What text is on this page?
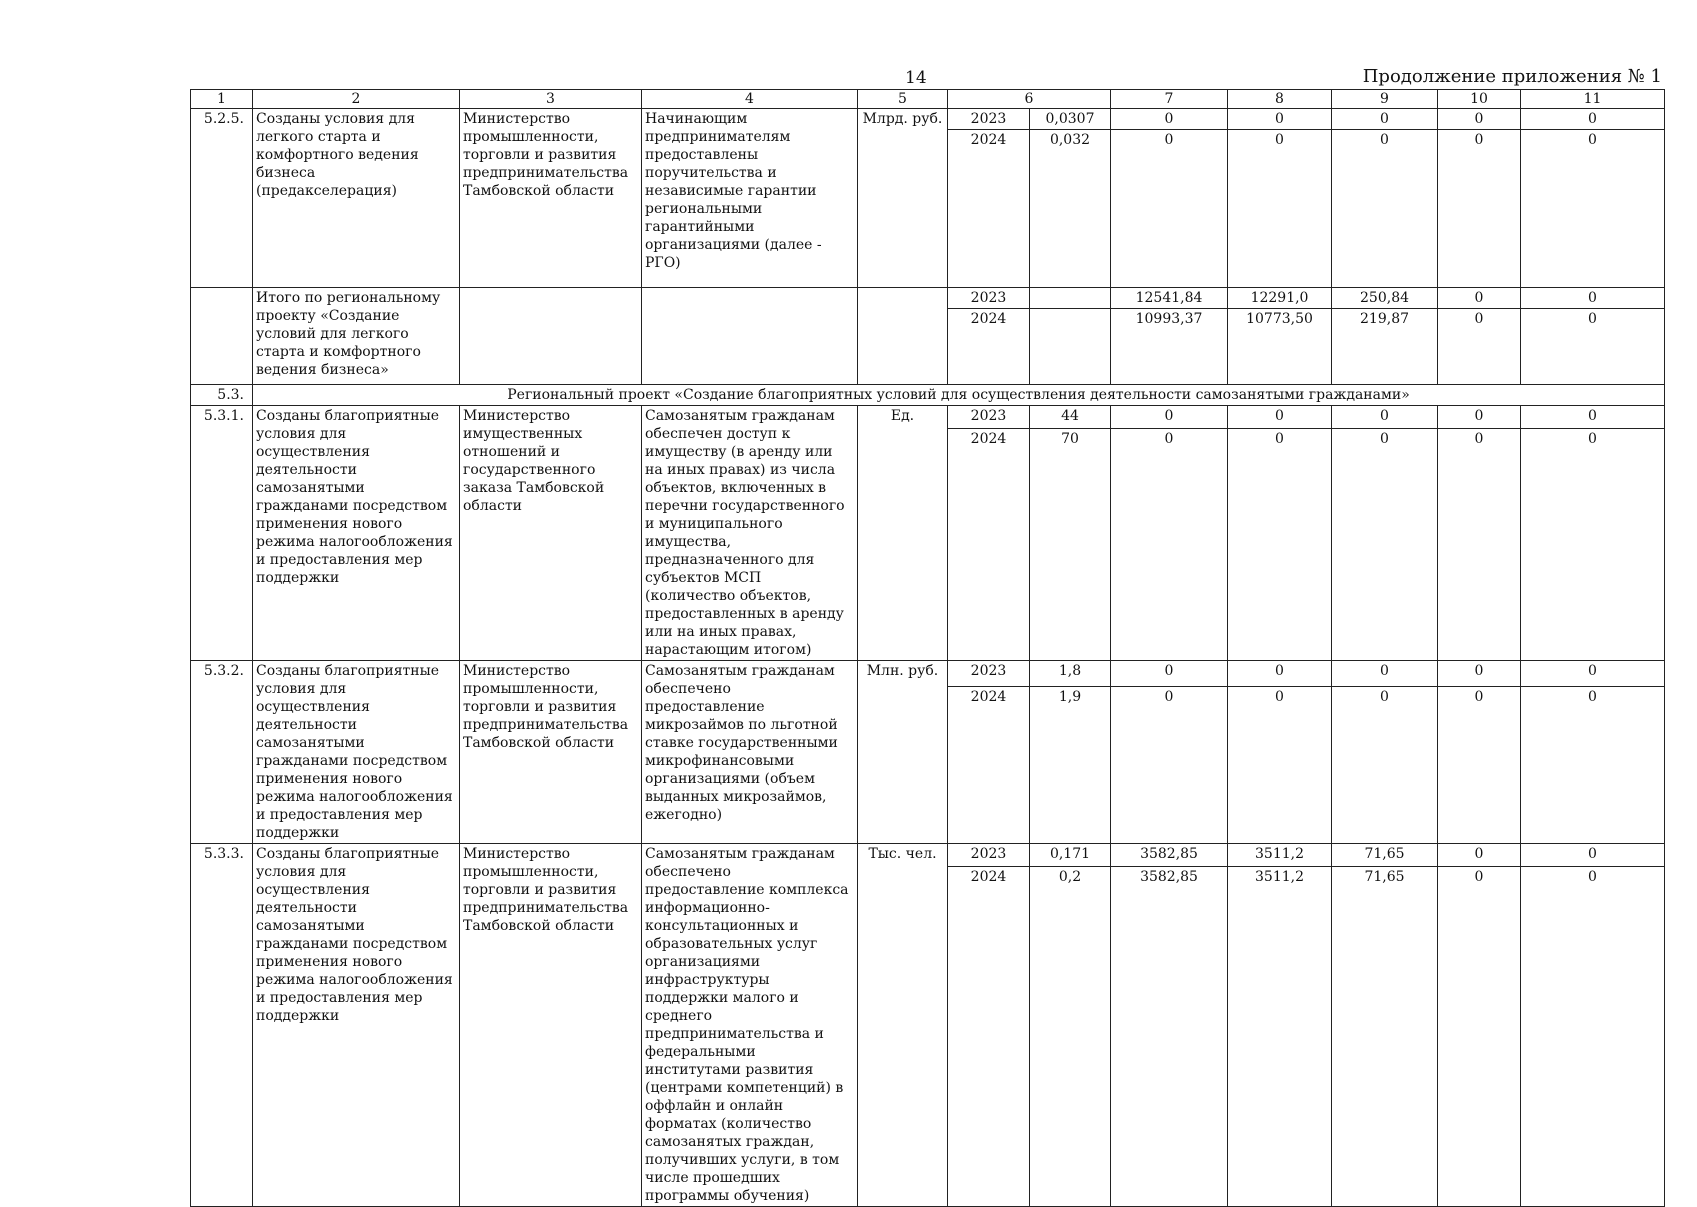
14	Продолжение приложения № 1
1	2	3	4	5	6		7	8	9	10	11
5.2.5.	Созданы условия для легкого старта и комфортного ведения бизнеса (предакселерация)	Министерство промышленности, торговли и развития предпринимательства Тамбовской области	Начинающим предпринимателям предоставлены поручительства и независимые гарантии региональными гарантийными организациями (далее - РГО)	Млрд. руб.	2023	0,0307	0	0	0	0	0
					2024	0,032	0	0	0	0	0
	Итого по региональному проекту «Создание условий для легкого старта и комфортного ведения бизнеса»				2023		12541,84	12291,0	250,84	0	0
					2024		10993,37	10773,50	219,87	0	0
5.3.	Региональный проект «Создание благоприятных условий для осуществления деятельности самозанятыми гражданами»										
5.3.1.	Созданы благоприятные условия для осуществления деятельности самозанятыми гражданами посредством применения нового режима налогообложения и предоставления мер поддержки	Министерство имущественных отношений и государственного заказа Тамбовской области	Самозанятым гражданам обеспечен доступ к имуществу (в аренду или на иных правах) из числа объектов, включенных в перечни государственного и муниципального имущества, предназначенного для субъектов МСП (количество объектов, предоставленных в аренду или на иных правах, нарастающим итогом)	Ед.	2023	44	0	0	0	0	0
					2024	70	0	0	0	0	0
5.3.2.	Созданы благоприятные условия для осуществления деятельности самозанятыми гражданами посредством применения нового режима налогообложения и предоставления мер поддержки	Министерство промышленности, торговли и развития предпринимательства Тамбовской области	Самозанятым гражданам обеспечено предоставление микрозаймов по льготной ставке государственными микрофинансовыми организациями (объем выданных микрозаймов, ежегодно)	Млн. руб.	2023	1,8	0	0	0	0	0
					2024	1,9	0	0	0	0	0
5.3.3.	Созданы благоприятные условия для осуществления деятельности самозанятыми гражданами посредством применения нового режима налогообложения и предоставления мер поддержки	Министерство промышленности, торговли и развития предпринимательства Тамбовской области	Самозанятым гражданам обеспечено предоставление комплекса информационно-консультационных и образовательных услуг организациями инфраструктуры поддержки малого и среднего предпринимательства и федеральными институтами развития (центрами компетенций) в оффлайн и онлайн форматах (количество самозанятых граждан, получивших услуги, в том числе прошедших программы обучения)	Тыс. чел.	2023	0,171	3582,85	3511,2	71,65	0	0
					2024	0,2	3582,85	3511,2	71,65	0	0
